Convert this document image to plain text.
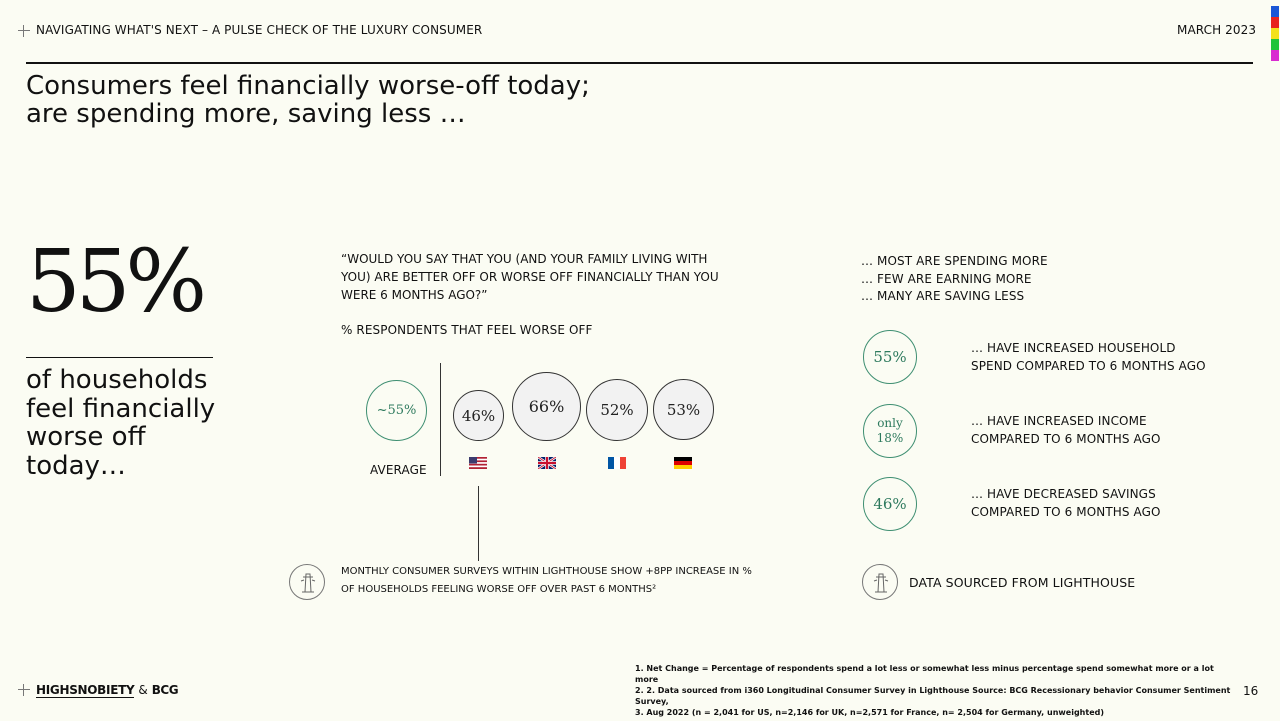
NAVIGATING WHAT'S NEXT – A PULSE CHECK OF THE LUXURY CONSUMER	MARCH 2023
Consumers feel financially worse-off today;
are spending more, saving less …
55%
of households
feel financially
worse off
today…
“WOULD YOU SAY THAT YOU (AND YOUR FAMILY LIVING WITH
YOU) ARE BETTER OFF OR WORSE OFF FINANCIALLY THAN YOU
WERE 6 MONTHS AGO?”
% RESPONDENTS THAT FEEL WORSE OFF
~55%
AVERAGE
46% 66% 52% 53%
MONTHLY CONSUMER SURVEYS WITHIN LIGHTHOUSE SHOW +8PP INCREASE IN %
OF HOUSEHOLDS FEELING WORSE OFF OVER PAST 6 MONTHS²
… MOST ARE SPENDING MORE
… FEW ARE EARNING MORE
… MANY ARE SAVING LESS
55%	… HAVE INCREASED HOUSEHOLD
SPEND COMPARED TO 6 MONTHS AGO
only
18%
… HAVE INCREASED INCOME
COMPARED TO 6 MONTHS AGO
46%
… HAVE DECREASED SAVINGS
COMPARED TO 6 MONTHS AGO
DATA SOURCED FROM LIGHTHOUSE
1. Net Change = Percentage of respondents spend a lot less or somewhat less minus percentage spend somewhat more or a lot more
2. 2. Data sourced from i360 Longitudinal Consumer Survey in Lighthouse Source: BCG Recessionary behavior Consumer Sentiment Survey,
3. Aug 2022 (n = 2,041 for US, n=2,146 for UK, n=2,571 for France, n= 2,504 for Germany, unweighted)
HIGHSNOBIETY & BCG	16
